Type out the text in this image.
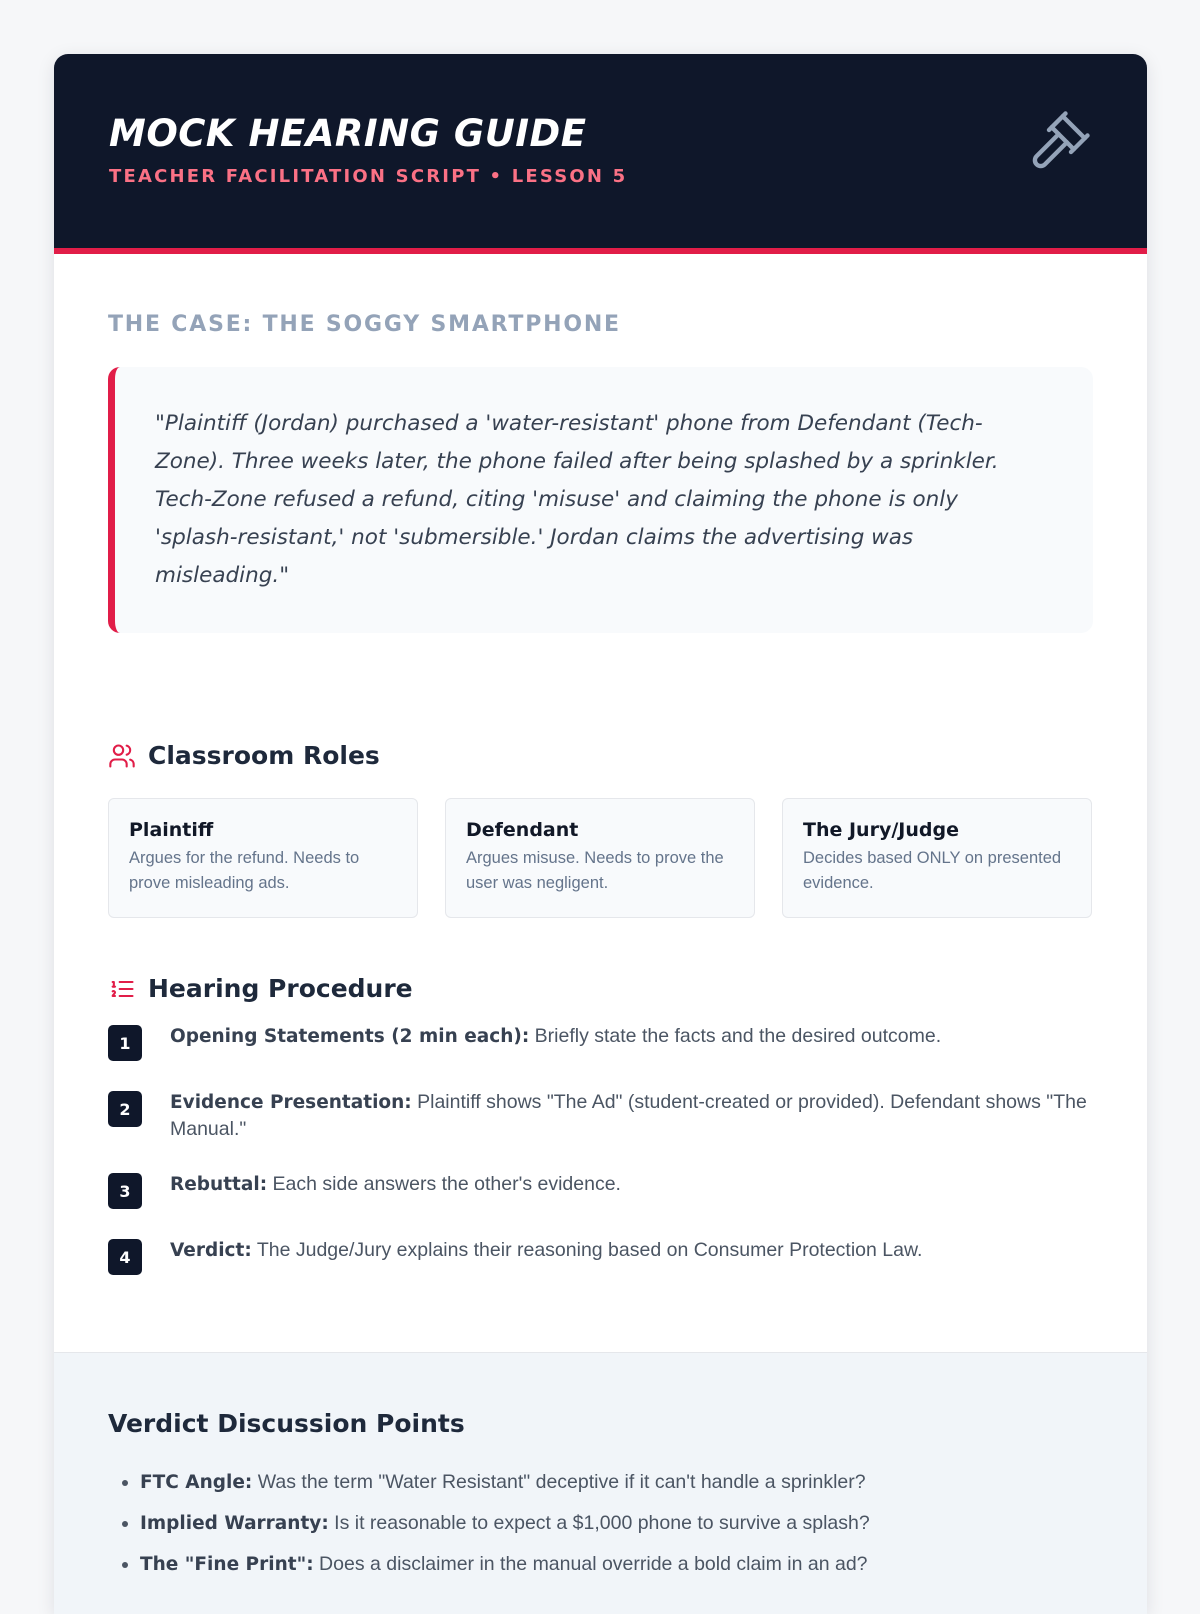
MOCK HEARING GUIDE
TEACHER FACILITATION SCRIPT • LESSON 5
THE CASE: THE SOGGY SMARTPHONE
"Plaintiff (Jordan) purchased a 'water-resistant' phone from Defendant (Tech-Zone). Three weeks later, the phone failed after being splashed by a sprinkler. Tech-Zone refused a refund, citing 'misuse' and claiming the phone is only 'splash-resistant,' not 'submersible.' Jordan claims the advertising was misleading."
Classroom Roles
Plaintiff
Argues for the refund. Needs to prove misleading ads.
Defendant
Argues misuse. Needs to prove the user was negligent.
The Jury/Judge
Decides based ONLY on presented evidence.
Hearing Procedure
1	Opening Statements (2 min each): Briefly state the facts and the desired outcome.
2	Evidence Presentation: Plaintiff shows "The Ad" (student-created or provided). Defendant shows "The Manual."
3	Rebuttal: Each side answers the other's evidence.
4	Verdict: The Judge/Jury explains their reasoning based on Consumer Protection Law.
Verdict Discussion Points
• FTC Angle: Was the term "Water Resistant" deceptive if it can't handle a sprinkler?
• Implied Warranty: Is it reasonable to expect a $1,000 phone to survive a splash?
• The "Fine Print": Does a disclaimer in the manual override a bold claim in an ad?
